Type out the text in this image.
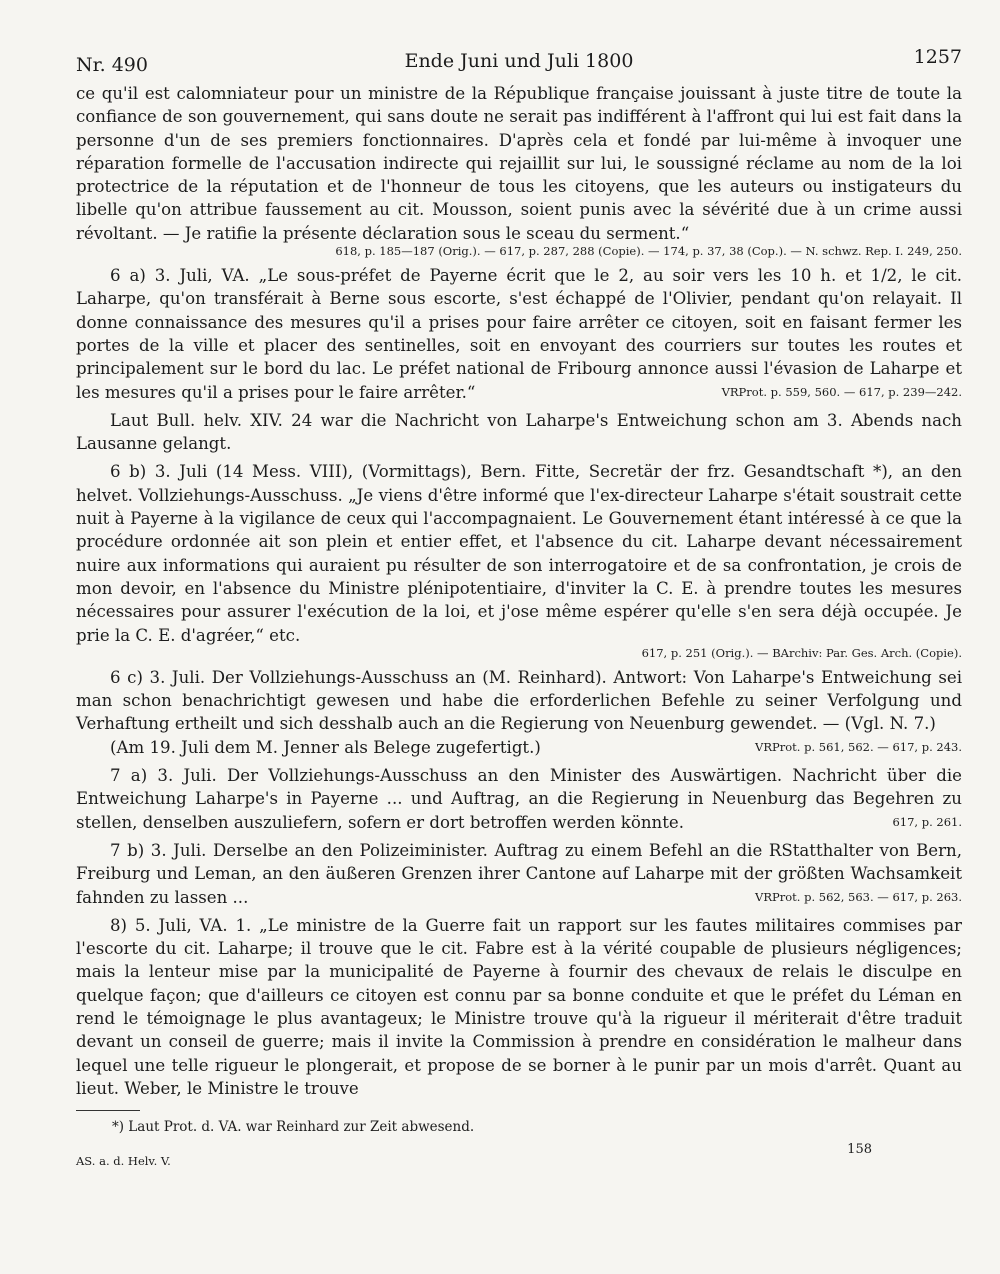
Nr. 490	Ende Juni und Juli 1800	1257

ce qu'il est calomniateur pour un ministre de la République française jouissant à juste titre de toute la confiance de son gouvernement, qui sans doute ne serait pas indifférent à l'affront qui lui est fait dans la personne d'un de ses premiers fonctionnaires. D'après cela et fondé par lui-même à invoquer une réparation formelle de l'accusation indirecte qui rejaillit sur lui, le soussigné réclame au nom de la loi protectrice de la réputation et de l'honneur de tous les citoyens, que les auteurs ou instigateurs du libelle qu'on attribue faussement au cit. Mousson, soient punis avec la sévérité due à un crime aussi révoltant. — Je ratifie la présente déclaration sous le sceau du serment.“

618, p. 185—187 (Orig.). — 617, p. 287, 288 (Copie). — 174, p. 37, 38 (Cop.). — N. schwz. Rep. I. 249, 250.

6 a) 3. Juli, VA. „Le sous-préfet de Payerne écrit que le 2, au soir vers les 10 h. et 1/2, le cit. Laharpe, qu'on transférait à Berne sous escorte, s'est échappé de l'Olivier, pendant qu'on relayait. Il donne connaissance des mesures qu'il a prises pour faire arrêter ce citoyen, soit en faisant fermer les portes de la ville et placer des sentinelles, soit en envoyant des courriers sur toutes les routes et principalement sur le bord du lac. Le préfet national de Fribourg annonce aussi l'évasion de Laharpe et les mesures qu'il a prises pour le faire arrêter.“	VRProt. p. 559, 560. — 617, p. 239—242.

Laut Bull. helv. XIV. 24 war die Nachricht von Laharpe's Entweichung schon am 3. Abends nach Lausanne gelangt.

6 b) 3. Juli (14 Mess. VIII), (Vormittags), Bern. Fitte, Secretär der frz. Gesandtschaft *), an den helvet. Vollziehungs-Ausschuss. „Je viens d'être informé que l'ex-directeur Laharpe s'était soustrait cette nuit à Payerne à la vigilance de ceux qui l'accompagnaient. Le Gouvernement étant intéressé à ce que la procédure ordonnée ait son plein et entier effet, et l'absence du cit. Laharpe devant nécessairement nuire aux informations qui auraient pu résulter de son interrogatoire et de sa confrontation, je crois de mon devoir, en l'absence du Ministre plénipotentiaire, d'inviter la C. E. à prendre toutes les mesures nécessaires pour assurer l'exécution de la loi, et j'ose même espérer qu'elle s'en sera déjà occupée. Je prie la C. E. d'agréer,“ etc.

617, p. 251 (Orig.). — BArchiv: Par. Ges. Arch. (Copie).

6 c) 3. Juli. Der Vollziehungs-Ausschuss an (M. Reinhard). Antwort: Von Laharpe's Entweichung sei man schon benachrichtigt gewesen und habe die erforderlichen Befehle zu seiner Verfolgung und Verhaftung ertheilt und sich desshalb auch an die Regierung von Neuenburg gewendet. — (Vgl. N. 7.)
VRProt. p. 561, 562. — 617, p. 243.

(Am 19. Juli dem M. Jenner als Belege zugefertigt.)

7 a) 3. Juli. Der Vollziehungs-Ausschuss an den Minister des Auswärtigen. Nachricht über die Entweichung Laharpe's in Payerne ... und Auftrag, an die Regierung in Neuenburg das Begehren zu stellen, denselben auszuliefern, sofern er dort betroffen werden könnte.	617, p. 261.

7 b) 3. Juli. Derselbe an den Polizeiminister. Auftrag zu einem Befehl an die RStatthalter von Bern, Freiburg und Leman, an den äußeren Grenzen ihrer Cantone auf Laharpe mit der größten Wachsamkeit fahnden zu lassen ...	VRProt. p. 562, 563. — 617, p. 263.

8) 5. Juli, VA. 1. „Le ministre de la Guerre fait un rapport sur les fautes militaires commises par l'escorte du cit. Laharpe; il trouve que le cit. Fabre est à la vérité coupable de plusieurs négligences; mais la lenteur mise par la municipalité de Payerne à fournir des chevaux de relais le disculpe en quelque façon; que d'ailleurs ce citoyen est connu par sa bonne conduite et que le préfet du Léman en rend le témoignage le plus avantageux; le Ministre trouve qu'à la rigueur il mériterait d'être traduit devant un conseil de guerre; mais il invite la Commission à prendre en considération le malheur dans lequel une telle rigueur le plongerait, et propose de se borner à le punir par un mois d'arrêt. Quant au lieut. Weber, le Ministre le trouve

*) Laut Prot. d. VA. war Reinhard zur Zeit abwesend.
AS. a. d. Helv. V.
158
